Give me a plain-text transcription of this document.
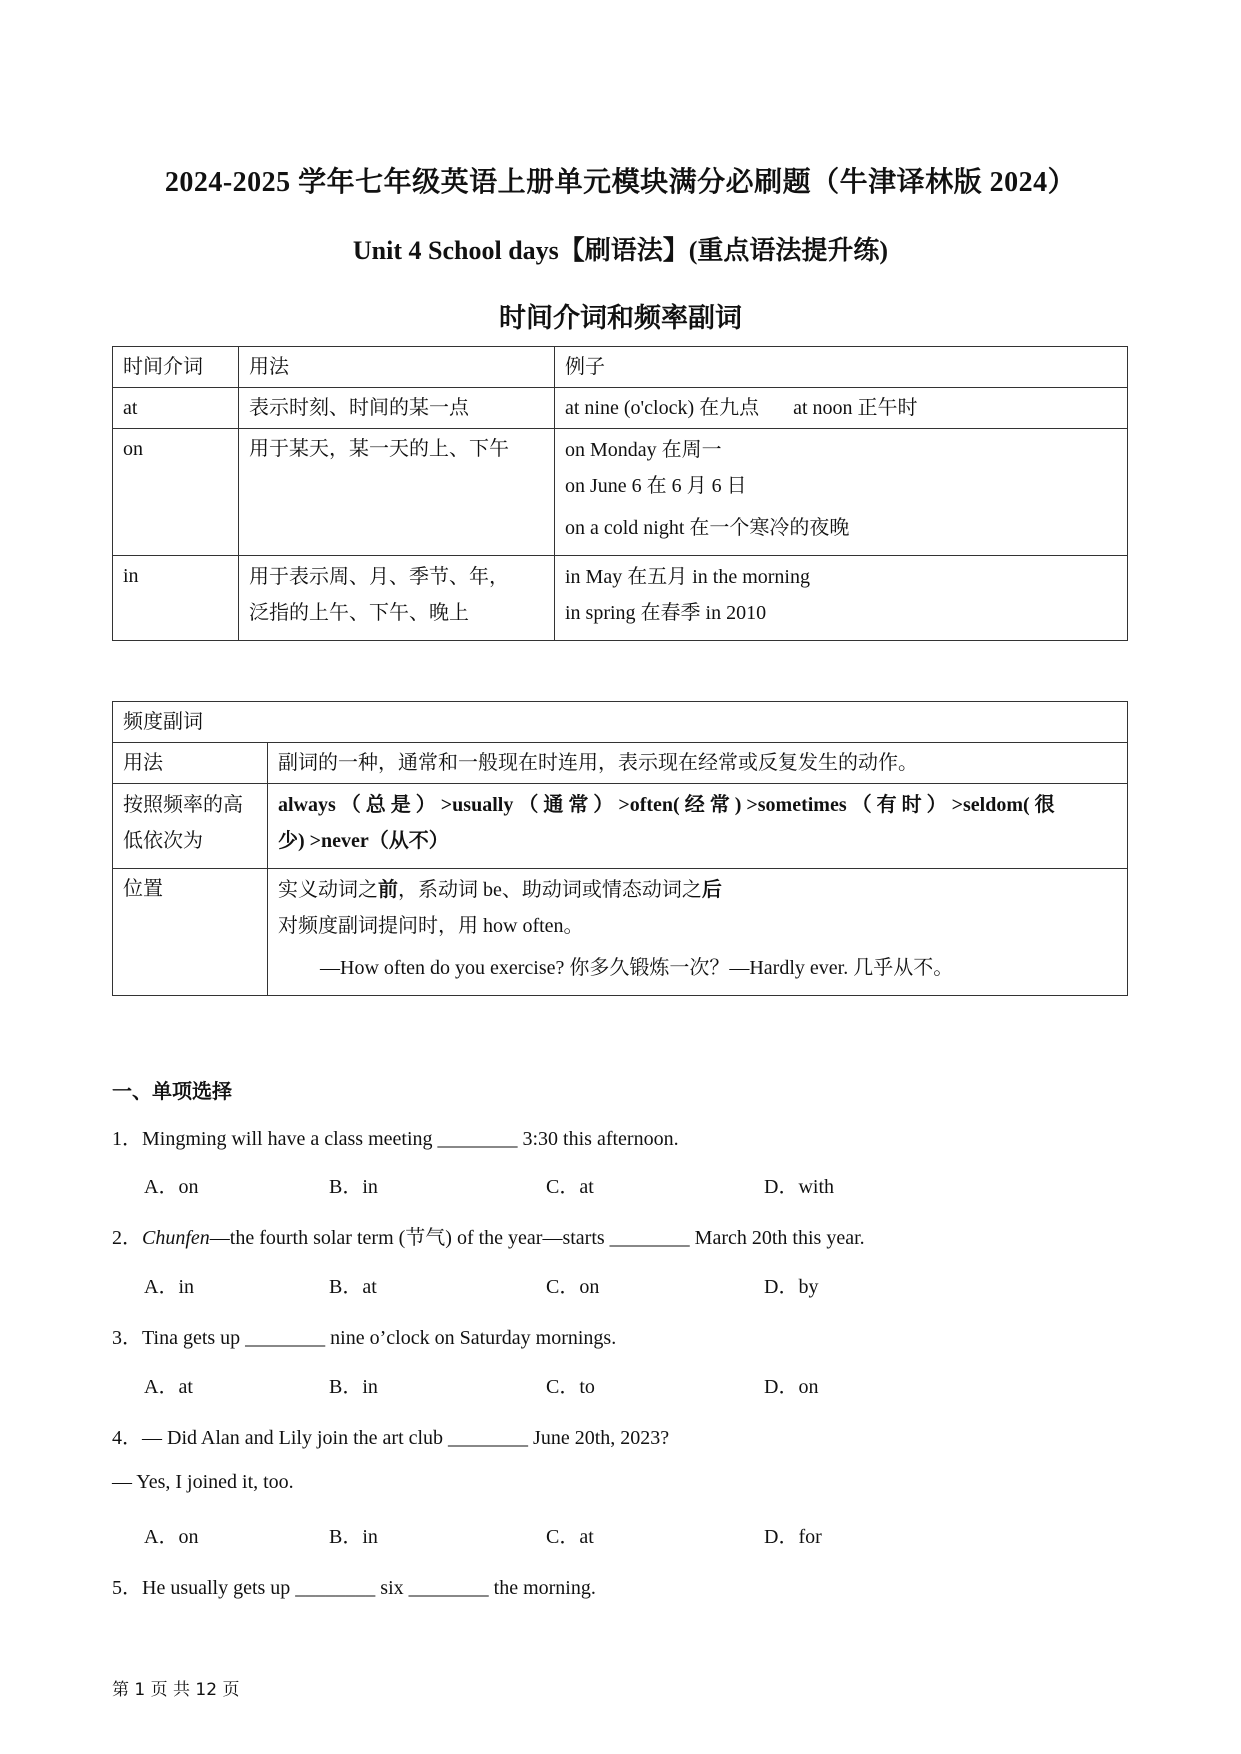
2024-2025 学年七年级英语上册单元模块满分必刷题（牛津译林版 2024）
Unit 4 School days【刷语法】(重点语法提升练)
时间介词和频率副词
时间介词	用法	例子
at	表示时刻、时间的某一点	at nine (o'clock) 在九点 at noon 正午时
on	用于某天，某一天的上、下午	on Monday 在周一
on June 6 在 6 月 6 日
on a cold night 在一个寒冷的夜晚

in	用于表示周、月、季节、年，
泛指的上午、下午、晚上	in May 在五月 in the morning
in spring 在春季 in 2010
频度副词	
用法	副词的一种，通常和一般现在时连用，表示现在经常或反复发生的动作。

按照频率的高
低依次为	always （ 总 是 ） >usually （ 通 常 ） >often( 经 常 ) >sometimes （ 有 时 ） >seldom( 很
少) >never（从不）

位置	实义动词之前，系动词 be、助动词或情态动词之后
对频度副词提问时，用 how often。
—How often do you exercise? 你多久锻炼一次？—Hardly ever. 几乎从不。
一、单项选择
1．Mingming will have a class meeting ________ 3:30 this afternoon.
A．on	B．in	C．at	D．with
2．Chunfen—the fourth solar term (节气) of the year—starts ________ March 20th this year.
A．in	B．at	C．on	D．by
3．Tina gets up ________ nine o’clock on Saturday mornings.
A．at	B．in	C．to	D．on
4．— Did Alan and Lily join the art club ________ June 20th, 2023?
— Yes, I joined it, too.
A．on	B．in	C．at	D．for
5．He usually gets up ________ six ________ the morning.
第 1 页 共 12 页
